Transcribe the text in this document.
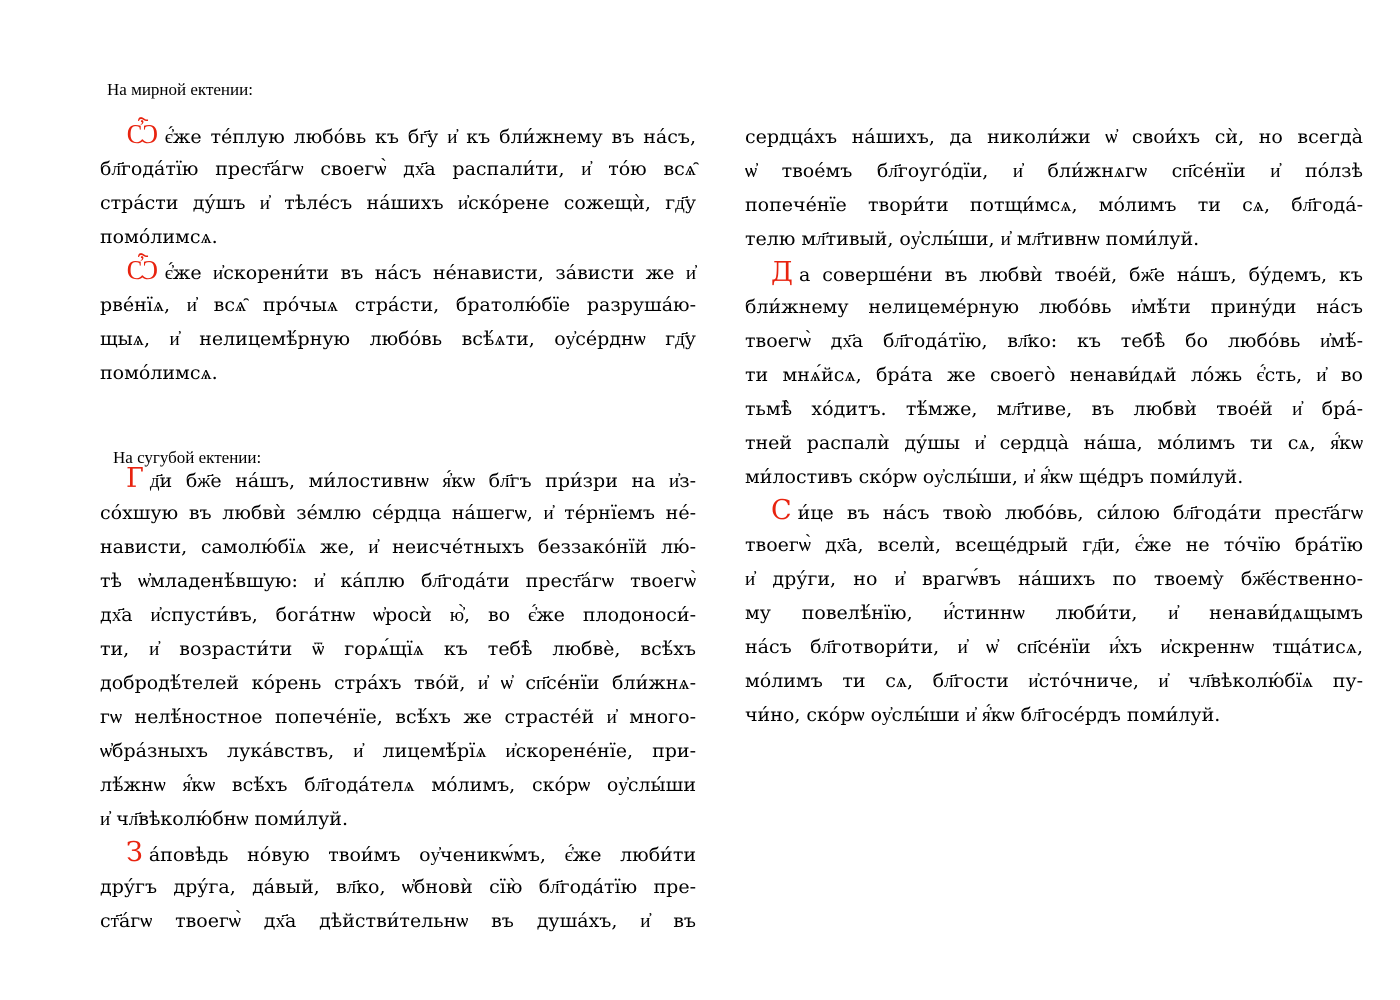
На мирной ектении:
Ѽ є҆́же те́плую любо́вь къ бг҃у и҆ къ бли́жнему въ на́съ,
бл҃года́тїю прест҃а́гѡ своегѡ̀ дх҃а распали́ти, и҆ то́ю всѧ̑
стра́сти ду́шъ и҆ тѣле́съ на́шихъ и҆ско́рене сожещѝ, гд҃у
помо́лимсѧ.
Ѽ є҆́же и҆скорени́ти въ на́съ не́нависти, за́висти же и҆
рве́нїѧ, и҆ всѧ̑ про́чыѧ стра́сти, братолю́бїе разруша́ю-
щыѧ, и҆ нелицемѣ́рную любо́вь всѣ́ѧти, оу҆се́рднѡ гд҃у
помо́лимсѧ.
На сугубой ектении:
Г д҃и бж҃е на́шъ, ми́лостивнѡ я҆́кѡ бл҃гъ при́зри на и҆з-
со́хшую въ любвѝ зе́млю се́рдца на́шегѡ, и҆ те́рнїемъ не́-
нависти, самолю́бїѧ же, и҆ неисче́тныхъ беззако́нїй лю́-
тѣ ѡ҆младенѣ́вшую: и҆ ка́плю бл҃года́ти прест҃а́гѡ твоегѡ̀
дх҃а и҆спусти́въ, бога́тнѡ ѡ҆росѝ ю҆̀, во є҆́же плодоноси́-
ти, и҆ возрасти́ти ѿ горѧ́щїѧ къ тебѣ̀ любвѐ, всѣ́хъ
добродѣ́телей ко́рень стра́хъ тво́й, и҆ ѡ҆ сп҃се́нїи бли́жнѧ-
гѡ нелѣ́ностное попече́нїе, всѣ́хъ же страсте́й и҆ много-
ѡ҆бра́зныхъ лука́вствъ, и҆ лицемѣ́рїѧ и҆скорене́нїе, при-
лѣ́жнѡ я҆́кѡ всѣ́хъ бл҃года́телѧ мо́лимъ, ско́рѡ оу҆слы́ши
и҆ чл҃вѣколю́бнѡ поми́луй.
З а́повѣдь но́вую твои́мъ оу҆ченикѡ́мъ, є҆́же люби́ти
дру́гъ дру́га, да́вый, вл҃ко, ѡ҆бновѝ сїю̀ бл҃года́тїю пре-
ст҃а́гѡ твоегѡ̀ дх҃а дѣйстви́тельнѡ въ душа́хъ, и҆ въ
сердца́хъ на́шихъ, да николи́жи ѡ҆ свои́хъ сѝ, но всегда̀
ѡ҆ твое́мъ бл҃гоуго́дїи, и҆ бли́жнѧгѡ сп҃се́нїи и҆ по́лзѣ
попече́нїе твори́ти потщи́мсѧ, мо́лимъ ти сѧ, бл҃года́-
телю мл҃тивый, оу҆слы́ши, и҆ мл҃тивнѡ поми́луй.
Д а соверше́ни въ любвѝ твое́й, бж҃е на́шъ, бу́демъ, къ
бли́жнему нелицеме́рную любо́вь и҆мѣ́ти прину́ди на́съ
твоегѡ̀ дх҃а бл҃года́тїю, вл҃ко: къ тебѣ̀ бо любо́вь и҆мѣ́-
ти мнѧ́йсѧ, бра́та же своего̀ ненави́дѧй ло́жь є҆́сть, и҆ во
тьмѣ̀ хо́дитъ. тѣ́мже, мл҃тиве, въ любвѝ твое́й и҆ бра́-
тней распалѝ ду́шы и҆ сердца̀ на́ша, мо́лимъ ти сѧ, я҆́кѡ
ми́лостивъ ско́рѡ оу҆слы́ши, и҆ я҆́кѡ ще́дръ поми́луй.
С и́це въ на́съ твою̀ любо́вь, си́лою бл҃года́ти прест҃а́гѡ
твоегѡ̀ дх҃а, вселѝ, всеще́дрый гд҃и, є҆́же не то́чїю бра́тїю
и҆ дру́ги, но и҆ врагѡ́въ на́шихъ по твоему̀ бж҃е́ственно-
му повелѣ́нїю, и҆́стиннѡ люби́ти, и҆ ненави́дѧщымъ
на́съ бл҃готвори́ти, и҆ ѡ҆ сп҃се́нїи и҆́хъ и҆скреннѡ тща́тисѧ,
мо́лимъ ти сѧ, бл҃гости и҆сто́чниче, и҆ чл҃вѣколю́бїѧ пу-
чи́но, ско́рѡ оу҆слы́ши и҆ я҆́кѡ бл҃госе́рдъ поми́луй.
